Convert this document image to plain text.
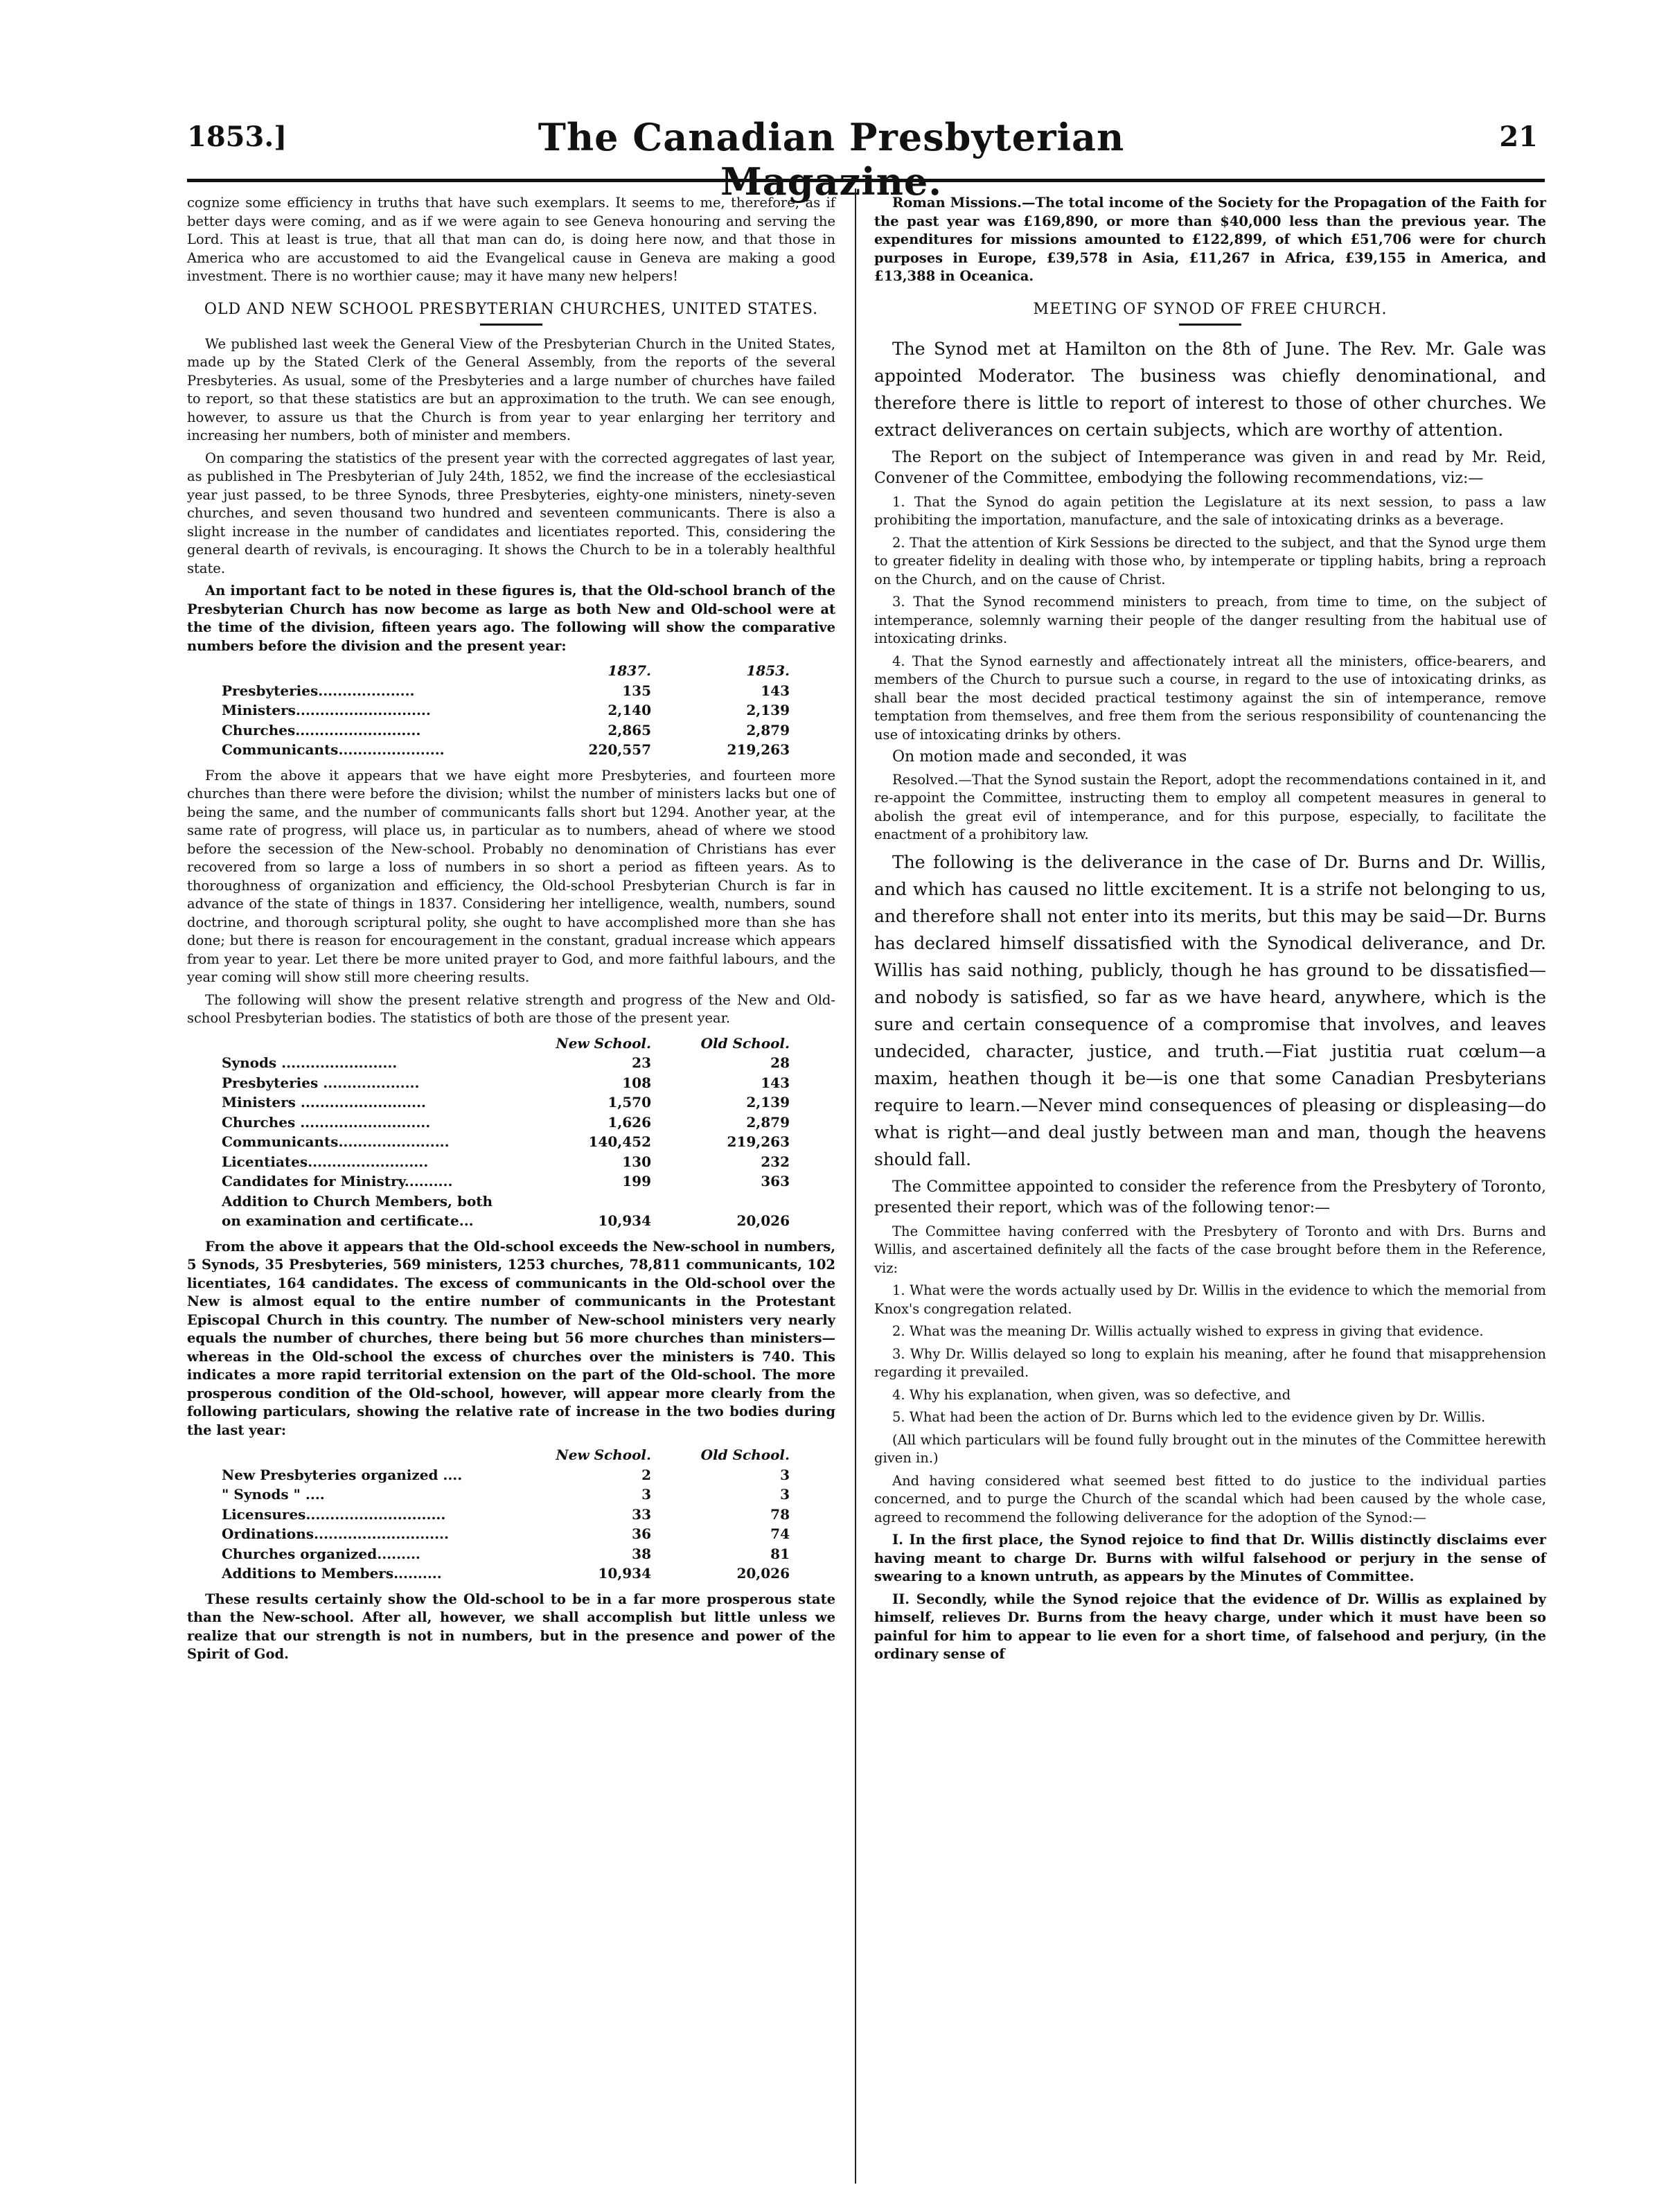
1853.]	The Canadian Presbyterian Magazine.
21

cognize some efficiency in truths that have such exemplars. It seems to me, therefore, as if better days were coming, and as if we were again to see Geneva honouring and serving the Lord. This at least is true, that all that man can do, is doing here now, and that those in America who are accustomed to aid the Evangelical cause in Geneva are making a good investment. There is no worthier cause; may it have many new helpers!

OLD AND NEW SCHOOL PRESBYTERIAN CHURCHES, UNITED STATES.

We published last week the General View of the Presbyterian Church in the United States, made up by the Stated Clerk of the General Assembly, from the reports of the several Presbyteries. As usual, some of the Presbyteries and a large number of churches have failed to report, so that these statistics are but an approximation to the truth. We can see enough, however, to assure us that the Church is from year to year enlarging her territory and increasing her numbers, both of minister and members.

On comparing the statistics of the present year with the corrected aggregates of last year, as published in The Presbyterian of July 24th, 1852, we find the increase of the ecclesiastical year just passed, to be three Synods, three Presbyteries, eighty-one ministers, ninety-seven churches, and seven thousand two hundred and seventeen communicants. There is also a slight increase in the number of candidates and licentiates reported. This, considering the general dearth of revivals, is encouraging. It shows the Church to be in a tolerably healthful state.

An important fact to be noted in these figures is, that the Old-school branch of the Presbyterian Church has now become as large as both New and Old-school were at the time of the division, fifteen years ago. The following will show the comparative numbers before the division and the present year:

	1837.	1853.
Presbyteries....................	135	143
Ministers............................	2,140	2,139
Churches..........................	2,865	2,879
Communicants......................	220,557	219,263

From the above it appears that we have eight more Presbyteries, and fourteen more churches than there were before the division; whilst the number of ministers lacks but one of being the same, and the number of communicants falls short but 1294. Another year, at the same rate of progress, will place us, in particular as to numbers, ahead of where we stood before the secession of the New-school. Probably no denomination of Christians has ever recovered from so large a loss of numbers in so short a period as fifteen years. As to thoroughness of organization and efficiency, the Old-school Presbyterian Church is far in advance of the state of things in 1837. Considering her intelligence, wealth, numbers, sound doctrine, and thorough scriptural polity, she ought to have accomplished more than she has done; but there is reason for encouragement in the constant, gradual increase which appears from year to year. Let there be more united prayer to God, and more faithful labours, and the year coming will show still more cheering results.

The following will show the present relative strength and progress of the New and Old-school Presbyterian bodies. The statistics of both are those of the present year.

	New School.	Old School.
Synods ........................	23	28
Presbyteries ....................	108	143
Ministers ..........................	1,570	2,139
Churches ...........................	1,626	2,879
Communicants.......................	140,452	219,263
Licentiates.........................	130	232
Candidates for Ministry..........	199	363
Addition to Church Members, both		
on examination and certificate...	10,934	20,026

From the above it appears that the Old-school exceeds the New-school in numbers, 5 Synods, 35 Presbyteries, 569 ministers, 1253 churches, 78,811 communicants, 102 licentiates, 164 candidates. The excess of communicants in the Old-school over the New is almost equal to the entire number of communicants in the Protestant Episcopal Church in this country. The number of New-school ministers very nearly equals the number of churches, there being but 56 more churches than ministers—whereas in the Old-school the excess of churches over the ministers is 740. This indicates a more rapid territorial extension on the part of the Old-school. The more prosperous condition of the Old-school, however, will appear more clearly from the following particulars, showing the relative rate of increase in the two bodies during the last year:

	New School.	Old School.
New Presbyteries organized ....	2	3
" Synods " ....	3	3
Licensures.............................	33	78
Ordinations............................	36	74
Churches organized.........	38	81
Additions to Members..........	10,934	20,026

These results certainly show the Old-school to be in a far more prosperous state than the New-school. After all, however, we shall accomplish but little unless we realize that our strength is not in numbers, but in the presence and power of the Spirit of God.

Roman Missions.—The total income of the Society for the Propagation of the Faith for the past year was £169,890, or more than $40,000 less than the previous year. The expenditures for missions amounted to £122,899, of which £51,706 were for church purposes in Europe, £39,578 in Asia, £11,267 in Africa, £39,155 in America, and £13,388 in Oceanica.

MEETING OF SYNOD OF FREE CHURCH.

The Synod met at Hamilton on the 8th of June. The Rev. Mr. Gale was appointed Moderator. The business was chiefly denominational, and therefore there is little to report of interest to those of other churches. We extract deliverances on certain subjects, which are worthy of attention.

The Report on the subject of Intemperance was given in and read by Mr. Reid, Convener of the Committee, embodying the following recommendations, viz:—

1. That the Synod do again petition the Legislature at its next session, to pass a law prohibiting the importation, manufacture, and the sale of intoxicating drinks as a beverage.

2. That the attention of Kirk Sessions be directed to the subject, and that the Synod urge them to greater fidelity in dealing with those who, by intemperate or tippling habits, bring a reproach on the Church, and on the cause of Christ.

3. That the Synod recommend ministers to preach, from time to time, on the subject of intemperance, solemnly warning their people of the danger resulting from the habitual use of intoxicating drinks.

4. That the Synod earnestly and affectionately intreat all the ministers, office-bearers, and members of the Church to pursue such a course, in regard to the use of intoxicating drinks, as shall bear the most decided practical testimony against the sin of intemperance, remove temptation from themselves, and free them from the serious responsibility of countenancing the use of intoxicating drinks by others.

On motion made and seconded, it was

Resolved.—That the Synod sustain the Report, adopt the recommendations contained in it, and re-appoint the Committee, instructing them to employ all competent measures in general to abolish the great evil of intemperance, and for this purpose, especially, to facilitate the enactment of a prohibitory law.

The following is the deliverance in the case of Dr. Burns and Dr. Willis, and which has caused no little excitement. It is a strife not belonging to us, and therefore shall not enter into its merits, but this may be said—Dr. Burns has declared himself dissatisfied with the Synodical deliverance, and Dr. Willis has said nothing, publicly, though he has ground to be dissatisfied—and nobody is satisfied, so far as we have heard, anywhere, which is the sure and certain consequence of a compromise that involves, and leaves undecided, character, justice, and truth.—Fiat justitia ruat cœlum—a maxim, heathen though it be—is one that some Canadian Presbyterians require to learn.—Never mind consequences of pleasing or displeasing—do what is right—and deal justly between man and man, though the heavens should fall.

The Committee appointed to consider the reference from the Presbytery of Toronto, presented their report, which was of the following tenor:—

The Committee having conferred with the Presbytery of Toronto and with Drs. Burns and Willis, and ascertained definitely all the facts of the case brought before them in the Reference, viz:

1. What were the words actually used by Dr. Willis in the evidence to which the memorial from Knox's congregation related.

2. What was the meaning Dr. Willis actually wished to express in giving that evidence.

3. Why Dr. Willis delayed so long to explain his meaning, after he found that misapprehension regarding it prevailed.

4. Why his explanation, when given, was so defective, and

5. What had been the action of Dr. Burns which led to the evidence given by Dr. Willis.

(All which particulars will be found fully brought out in the minutes of the Committee herewith given in.)

And having considered what seemed best fitted to do justice to the individual parties concerned, and to purge the Church of the scandal which had been caused by the whole case, agreed to recommend the following deliverance for the adoption of the Synod:—

I. In the first place, the Synod rejoice to find that Dr. Willis distinctly disclaims ever having meant to charge Dr. Burns with wilful falsehood or perjury in the sense of swearing to a known untruth, as appears by the Minutes of Committee.

II. Secondly, while the Synod rejoice that the evidence of Dr. Willis as explained by himself, relieves Dr. Burns from the heavy charge, under which it must have been so painful for him to appear to lie even for a short time, of falsehood and perjury, (in the ordinary sense of
